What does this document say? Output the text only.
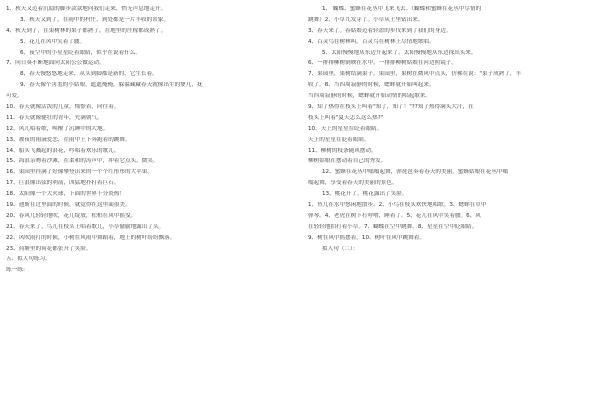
1、秋天又迈着沉稳的脚步款款地向我们走来，悄无声息地走开。
3、秋天又到了，在雨中的村庄，到处都是一片丰收的景象。
4、秋天到了，在果树林的果子都熟了，在地里的庄稼都成熟了。
5、花儿在风中笑着了腰。
6、夜空中的小星星眨着眼睛，似乎在说着什么。
7、向日葵不断地面向太阳公公做运动。
8、春天慢悠悠地走来，从头到脚都是新的，它生长着。
9、春天像个害羞的小姑娘，遮遮掩掩，躲躲藏藏春天就像出生的婴儿，抚
可爱。
10、春天就像活泼的儿童，憧憬着，向往着。
11、春天就像健壮的青年，充满朝气。
12、风儿唱着歌，唤醒了沉睡中的大地。
13、被夜的雨滴爱恋，在雨中上下奔跑着的跳舞。
14、船头飞溅起的浪花，吟唱着欢乐的歌儿。
15、海浪亲吻着沙滩，在柔和的涛声中，冲着它点头，微笑。
16、果园里挂满了好像攀登出来的一个个红彤彤的大苹果。
17、巨浪像出弦的利箭，凶猛地扑打着巨石。
18、太阳像一个大火球，下面的世界十分炎热！
19、迪斯在过里面的时候，就觉得在这里面很美。
20、春风儿轻轻地吹，花儿绽放，松柏在风中摇曳。
21、春天来了，鸟儿在枝头上唱着歌儿，小草偷偷地露出了头。
22、风吹雨打的时候，小树在风雨中舞蹈着，地上的树叶纷纷飘落。
23、荷塘里的荷花都张开了笑脸。
五、拟人句练习。
练一练：
1、 蝴蝶、蜜蜂在花丛中飞来飞去。（蝴蝶和蜜蜂在花丛中尽情的
跳舞）2、小草儿发芽了。小草从土里钻出来。
3、春天来了。春姑娘迈着轻盈的步伐来到了我们的身边。
4、百灵鸟在树林叫。百灵鸟在树林上尽情地歌唱。
5、太阳慢慢地从东边升起来了。太阳慢慢地从东边探出头来。
6、一排排柳树倒映在水中。一排排柳树姑娘在河边照镜子。
7、果园里，果树结满果子。果园里，果树在微风中点头，仿佛在说："果子成熟了，丰
收了。8、当四周寂静的时候，蟋蟀就开始叫起来。
当四周寂静的时候，蟋蟀就开始动情的唱起歌来。
9、知了热得在枝头上叫着"知了，知了！"??知了热得满头大汗，在
枝头上叫着"夏天怎么这么热?"
10、天上的星星在眨着眼睛。
天上的星星在眨着眼睛。
11、柳树的枝条随风摆动。
柳树姑娘在摆动着自己的秀发。
12、蜜蜂在花丛中嗡嗡起舞，弹琵琶奏着春天的美丽。蜜蜂姑娘在花丛中嗡
嗡起舞，享受着春天的美丽的景色。
13、桃花开了。桃花露出了笑脸。
1、鱼儿在水中悠闲地散步。2、小鸟在枝头欢快地唱歌。3、蟋蟀在草中
弹琴。4、老虎在树下打呼噜，睡着了。5、花儿在风中笑着腰。6、风
在轻轻地拍打着小草。7、蝴蝶在空中跳舞。8、星星在空中眨眼睛。
9、树在风中摇摆着。10、树叶在风中跳舞着。
拟人句（二）：
